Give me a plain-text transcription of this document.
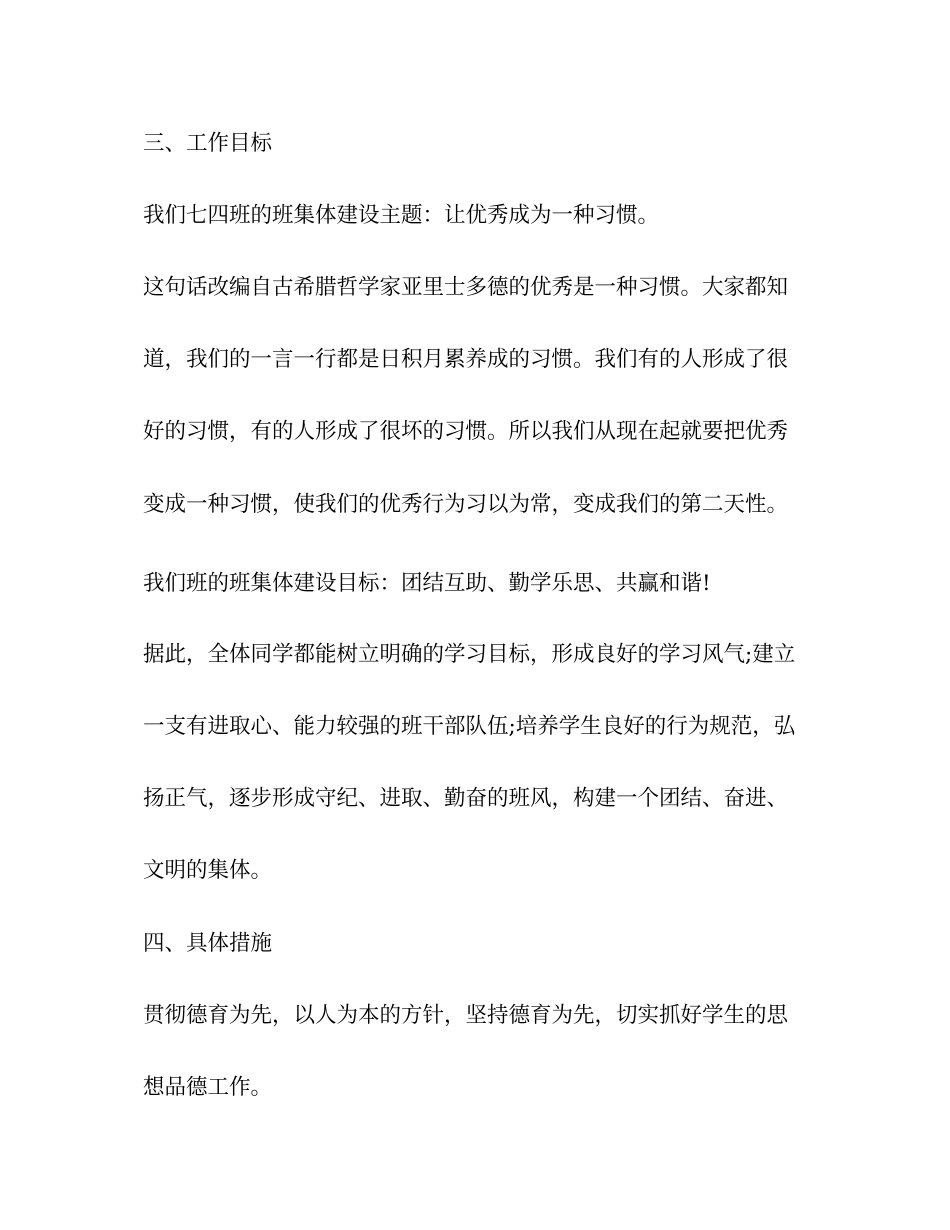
三、工作目标
我们七四班的班集体建设主题：让优秀成为一种习惯。
这句话改编自古希腊哲学家亚里士多德的优秀是一种习惯。大家都知
道，我们的一言一行都是日积月累养成的习惯。我们有的人形成了很
好的习惯，有的人形成了很坏的习惯。所以我们从现在起就要把优秀
变成一种习惯，使我们的优秀行为习以为常，变成我们的第二天性。
我们班的班集体建设目标：团结互助、勤学乐思、共赢和谐!
据此，全体同学都能树立明确的学习目标，形成良好的学习风气;建立
一支有进取心、能力较强的班干部队伍;培养学生良好的行为规范，弘
扬正气，逐步形成守纪、进取、勤奋的班风，构建一个团结、奋进、
文明的集体。
四、具体措施
贯彻德育为先，以人为本的方针，坚持德育为先，切实抓好学生的思
想品德工作。
